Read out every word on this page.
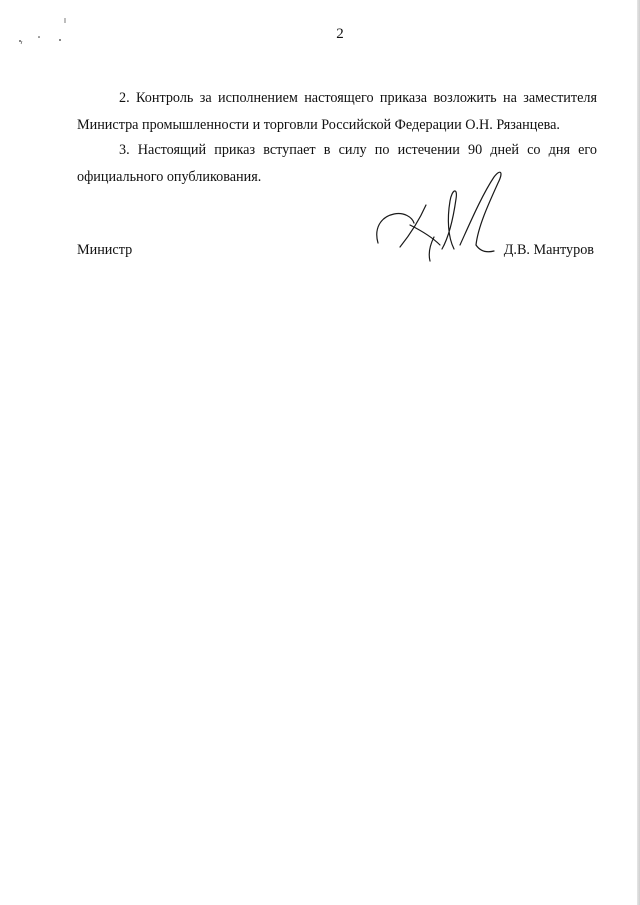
2

2. Контроль за исполнением настоящего приказа возложить на заместителя
Министра промышленности и торговли Российской Федерации О.Н. Рязанцева.

3. Настоящий приказ вступает в силу по истечении 90 дней со дня его
официального опубликования.

Министр	Д.В. Мантуров
